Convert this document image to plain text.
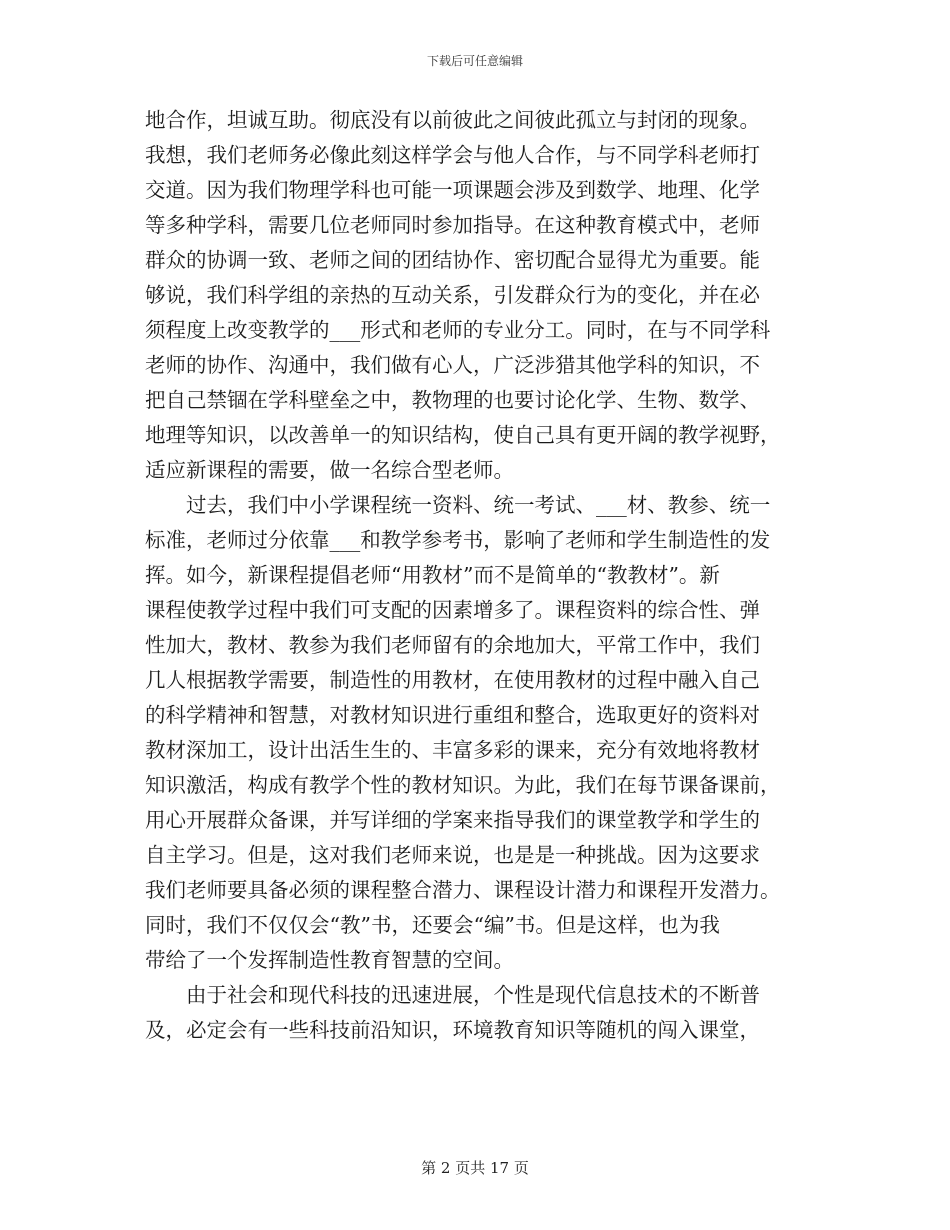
下载后可任意编辑
地合作，坦诚互助。彻底没有以前彼此之间彼此孤立与封闭的现象。
我想，我们老师务必像此刻这样学会与他人合作，与不同学科老师打
交道。因为我们物理学科也可能一项课题会涉及到数学、地理、化学
等多种学科，需要几位老师同时参加指导。在这种教育模式中，老师
群众的协调一致、老师之间的团结协作、密切配合显得尤为重要。能
够说，我们科学组的亲热的互动关系，引发群众行为的变化，并在必
须程度上改变教学的___形式和老师的专业分工。同时，在与不同学科
老师的协作、沟通中，我们做有心人，广泛涉猎其他学科的知识，不
把自己禁锢在学科壁垒之中，教物理的也要讨论化学、生物、数学、
地理等知识，以改善单一的知识结构，使自己具有更开阔的教学视野，
适应新课程的需要，做一名综合型老师。
　　过去，我们中小学课程统一资料、统一考试、___材、教参、统一
标准，老师过分依靠___和教学参考书，影响了老师和学生制造性的发
挥。如今，新课程提倡老师“用教材”而不是简单的“教教材”。新
课程使教学过程中我们可支配的因素增多了。课程资料的综合性、弹
性加大，教材、教参为我们老师留有的余地加大，平常工作中，我们
几人根据教学需要，制造性的用教材，在使用教材的过程中融入自己
的科学精神和智慧，对教材知识进行重组和整合，选取更好的资料对
教材深加工，设计出活生生的、丰富多彩的课来，充分有效地将教材
知识激活，构成有教学个性的教材知识。为此，我们在每节课备课前，
用心开展群众备课，并写详细的学案来指导我们的课堂教学和学生的
自主学习。但是，这对我们老师来说，也是是一种挑战。因为这要求
我们老师要具备必须的课程整合潜力、课程设计潜力和课程开发潜力。
同时，我们不仅仅会“教”书，还要会“编”书。但是这样，也为我
带给了一个发挥制造性教育智慧的空间。
　　由于社会和现代科技的迅速进展，个性是现代信息技术的不断普
及，必定会有一些科技前沿知识，环境教育知识等随机的闯入课堂，
第 2 页共 17 页
